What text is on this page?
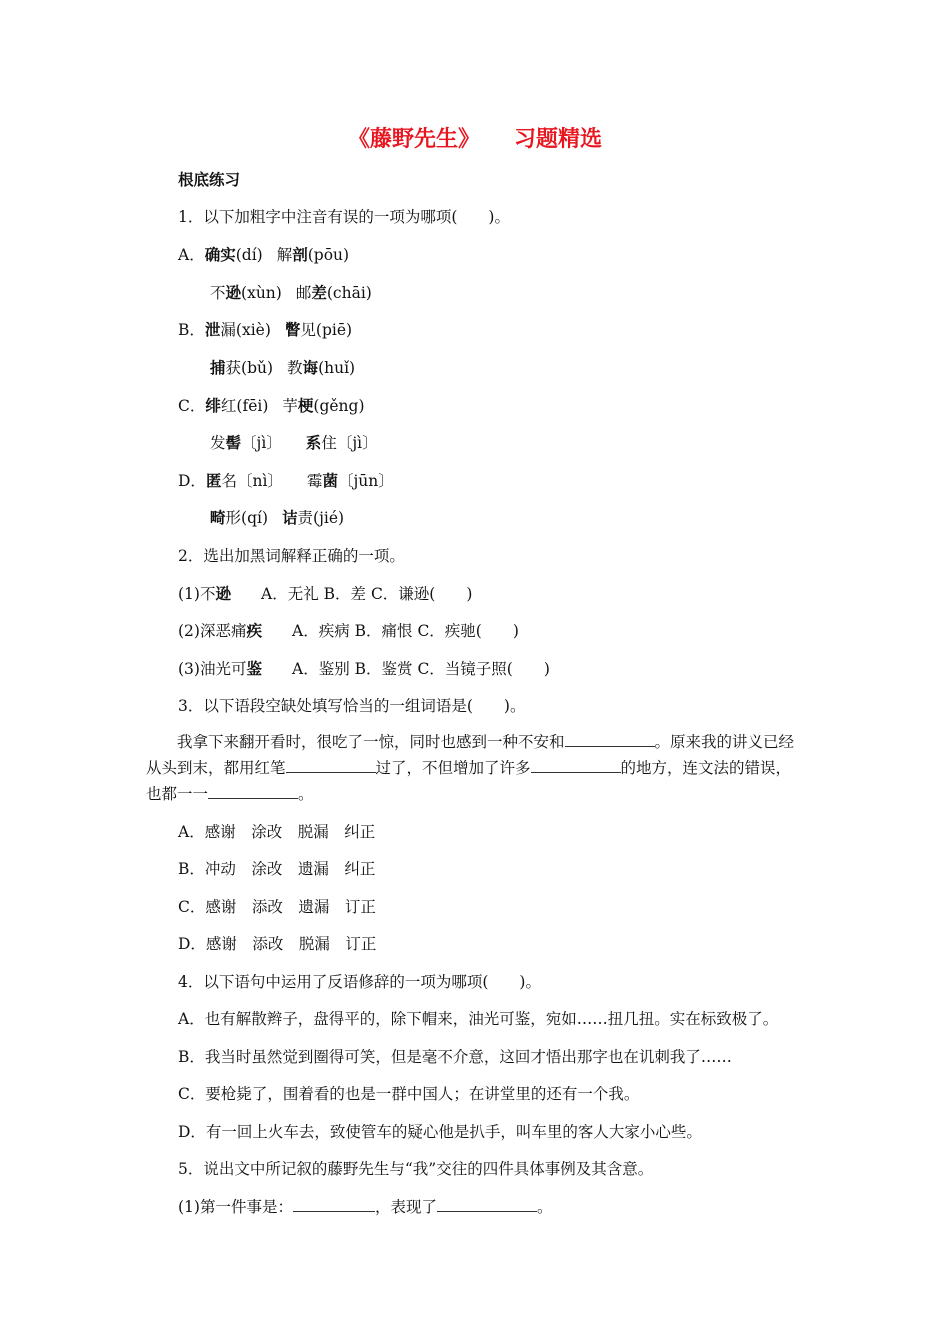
《藤野先生》 习题精选
根底练习
1．以下加粗字中注音有误的一项为哪项(　　)。
A．确实(dí) 解剖(pōu)
不逊(xùn) 邮差(chāi)
B．泄漏(xiè) 瞥见(piē)
捕获(bǔ) 教诲(huǐ)
C．绯红(fēi) 芋梗(gěng)
发髻〔jì〕 系住〔jì〕
D．匿名〔nì〕 霉菌〔jūn〕
畸形(qí) 诘责(jié)
2．选出加黑词解释正确的一项。
(1)不逊 A．无礼 B．差 C．谦逊(　　)
(2)深恶痛疾 A．疾病 B．痛恨 C．疾驰(　　)
(3)油光可鉴 A．鉴别 B．鉴赏 C．当镜子照(　　)
3．以下语段空缺处填写恰当的一组词语是(　　)。
我拿下来翻开看时，很吃了一惊，同时也感到一种不安和	。原来我的讲义已经从头到末，都用红笔	过了，不但增加了许多	的地方，连文法的错误，也都一一	。
A．感谢　涂改　脱漏　纠正
B．冲动　涂改　遗漏　纠正
C．感谢　添改　遗漏　订正
D．感谢　添改　脱漏　订正
4．以下语句中运用了反语修辞的一项为哪项(　　)。
A．也有解散辫子，盘得平的，除下帽来，油光可鉴，宛如……扭几扭。实在标致极了。
B．我当时虽然觉到圈得可笑，但是毫不介意，这回才悟出那字也在讥刺我了……
C．要枪毙了，围着看的也是一群中国人；在讲堂里的还有一个我。
D．有一回上火车去，致使管车的疑心他是扒手，叫车里的客人大家小心些。
5．说出文中所记叙的藤野先生与“我”交往的四件具体事例及其含意。
(1)第一件事是：	，表现了	。
